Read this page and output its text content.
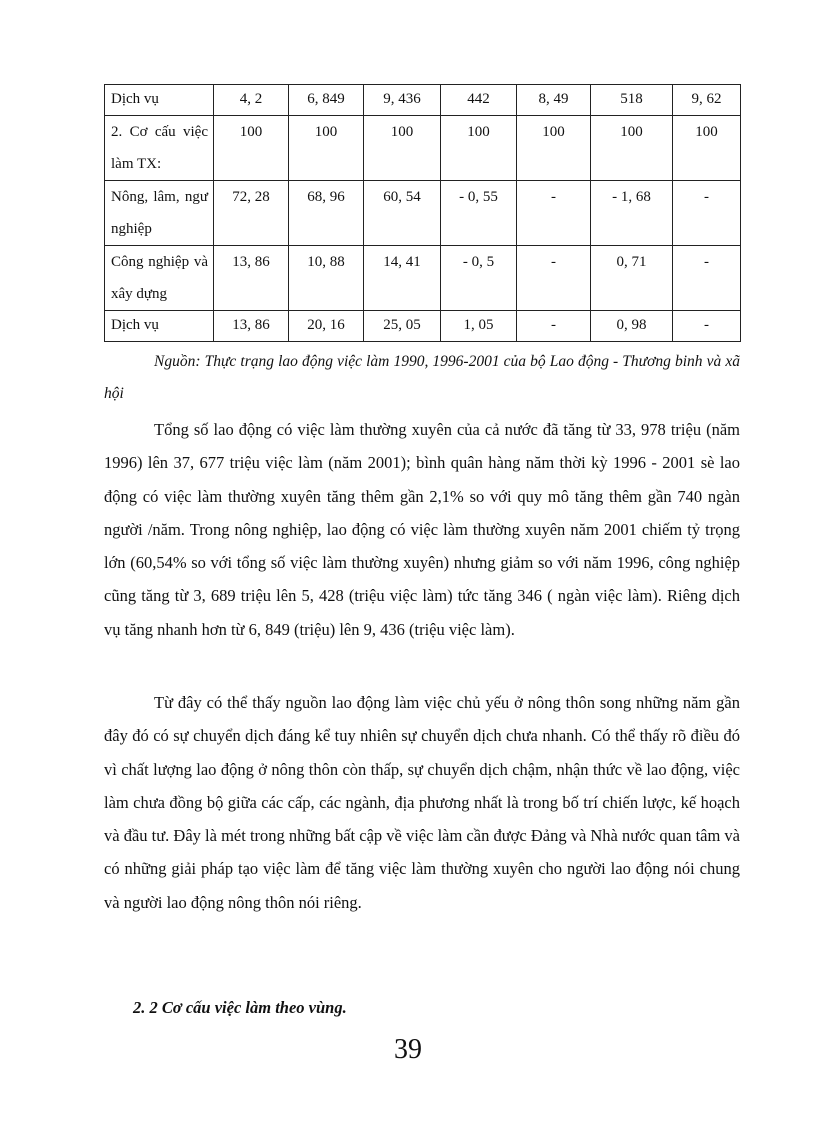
Dịch vụ	4, 2	6, 849	9, 436	442	8, 49	518	9, 62
2. Cơ cấu việc làm TX:	100	100	100	100	100	100	100
Nông, lâm, ngư nghiệp	72, 28	68, 96	60, 54	- 0, 55	-	- 1, 68	-
Công nghiệp và xây dựng	13, 86	10, 88	14, 41	- 0, 5	-	0, 71	-
Dịch vụ	13, 86	20, 16	25, 05	1, 05	-	0, 98	-
Nguồn: Thực trạng lao động việc làm 1990, 1996-2001 của bộ Lao động - Thương binh và xã hội

Tổng số lao động có việc làm thường xuyên của cả nước đã tăng từ 33, 978 triệu (năm 1996) lên 37, 677 triệu việc làm (năm 2001); bình quân hàng năm thời kỳ 1996 - 2001 sè lao động có việc làm thường xuyên tăng thêm gần 2,1% so với quy mô tăng thêm gần 740 ngàn người /năm. Trong nông nghiệp, lao động có việc làm thường xuyên năm 2001 chiếm tỷ trọng lớn (60,54% so với tổng số việc làm thường xuyên) nhưng giảm so với năm 1996, công nghiệp cũng tăng từ 3, 689 triệu lên 5, 428 (triệu việc làm) tức tăng 346 ( ngàn việc làm). Riêng dịch vụ tăng nhanh hơn từ 6, 849 (triệu) lên 9, 436 (triệu việc làm).

Từ đây có thể thấy nguồn lao động làm việc chủ yếu ở nông thôn song những năm gần đây đó có sự chuyển dịch đáng kể tuy nhiên sự chuyển dịch chưa nhanh. Có thể thấy rõ điều đó vì chất lượng lao động ở nông thôn còn thấp, sự chuyển dịch chậm, nhận thức về lao động, việc làm chưa đồng bộ giữa các cấp, các ngành, địa phương nhất là trong bố trí chiến lược, kế hoạch và đầu tư. Đây là mét trong những bất cập về việc làm cần được Đảng và Nhà nước quan tâm và có những giải pháp tạo việc làm để tăng việc làm thường xuyên cho người lao động nói chung và người lao động nông thôn nói riêng.

2. 2 Cơ cấu việc làm theo vùng.

39
